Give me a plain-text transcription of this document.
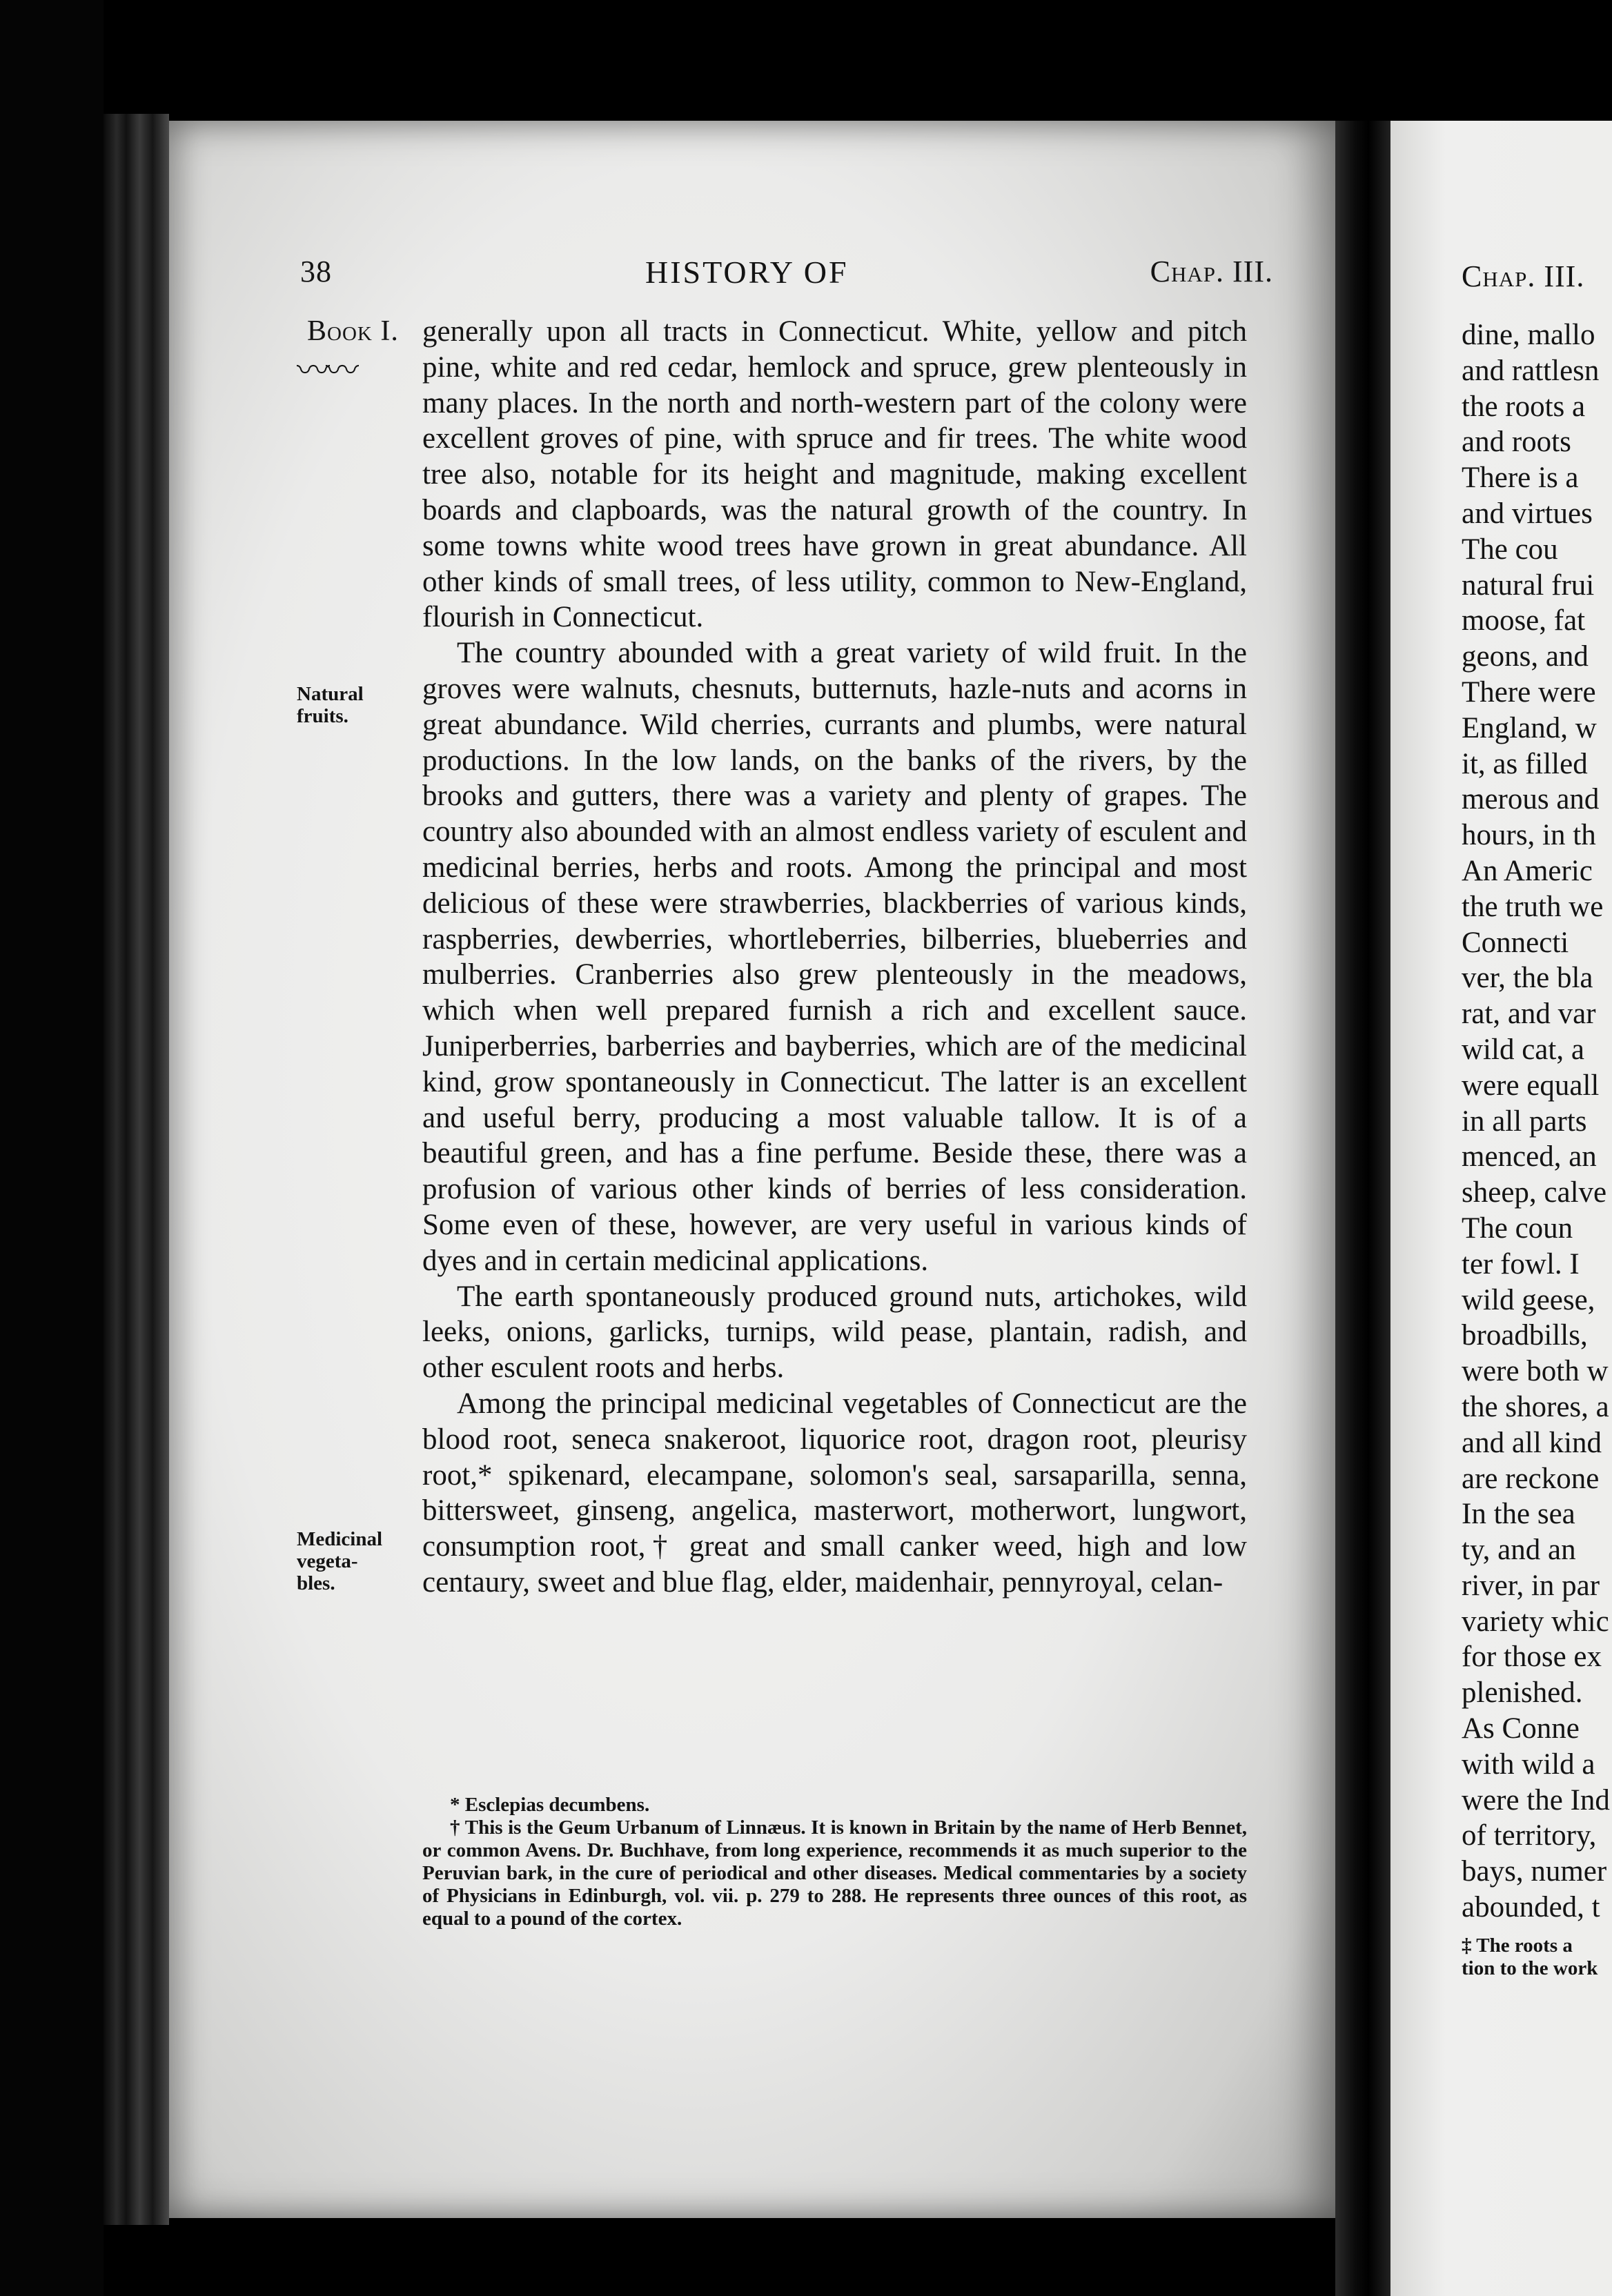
38	HISTORY OF	Chap. III.
Book I.
〰〰
Natural
fruits.
Medicinal
vegeta-
bles.

generally upon all tracts in Connecticut. White, yellow and pitch pine, white and red cedar, hemlock and spruce, grew plenteously in many places. In the north and north-western part of the colony were excellent groves of pine, with spruce and fir trees. The white wood tree also, notable for its height and magnitude, making excellent boards and clapboards, was the natural growth of the country. In some towns white wood trees have grown in great abundance. All other kinds of small trees, of less utility, common to New-England, flourish in Connecticut.

The country abounded with a great variety of wild fruit. In the groves were walnuts, chesnuts, butternuts, hazle-nuts and acorns in great abundance. Wild cherries, currants and plumbs, were natural productions. In the low lands, on the banks of the rivers, by the brooks and gutters, there was a variety and plenty of grapes. The country also abounded with an almost endless variety of esculent and medicinal berries, herbs and roots. Among the principal and most delicious of these were strawberries, blackberries of various kinds, raspberries, dewberries, whortleberries, bilberries, blueberries and mulberries. Cranberries also grew plenteously in the meadows, which when well prepared furnish a rich and excellent sauce. Juniperberries, barberries and bayberries, which are of the medicinal kind, grow spontaneously in Connecticut. The latter is an excellent and useful berry, producing a most valuable tallow. It is of a beautiful green, and has a fine perfume. Beside these, there was a profusion of various other kinds of berries of less consideration. Some even of these, however, are very useful in various kinds of dyes and in certain medicinal applications.

The earth spontaneously produced ground nuts, artichokes, wild leeks, onions, garlicks, turnips, wild pease, plantain, radish, and other esculent roots and herbs.

Among the principal medicinal vegetables of Connecticut are the blood root, seneca snakeroot, liquorice root, dragon root, pleurisy root,* spikenard, elecampane, solomon's seal, sarsaparilla, senna, bittersweet, ginseng, angelica, masterwort, motherwort, lungwort, consumption root,† great and small canker weed, high and low centaury, sweet and blue flag, elder, maidenhair, pennyroyal, celan-

* Esclepias decumbens.

† This is the Geum Urbanum of Linnæus. It is known in Britain by the name of Herb Bennet, or common Avens. Dr. Buchhave, from long experience, recommends it as much superior to the Peruvian bark, in the cure of periodical and other diseases. Medical commentaries by a society of Physicians in Edinburgh, vol. vii. p. 279 to 288. He represents three ounces of this root, as equal to a pound of the cortex.

Chap. III.
dine, mallo
and rattlesn
the roots a
and roots
There is a
and virtues
The cou
natural frui
moose, fat
geons, and
There were
England, w
it, as filled
merous and
hours, in th
An Americ
the truth we
Connecti
ver, the bla
rat, and var
wild cat, a
were equall
in all parts
menced, an
sheep, calve
The coun
ter fowl. I
wild geese,
broadbills,
were both w
the shores, a
and all kind
are reckone
In the sea
ty, and an
river, in par
variety whic
for those ex
plenished.
As Conne
with wild a
were the Ind
of territory,
bays, numer
abounded, t
‡ The roots a
tion to the work
